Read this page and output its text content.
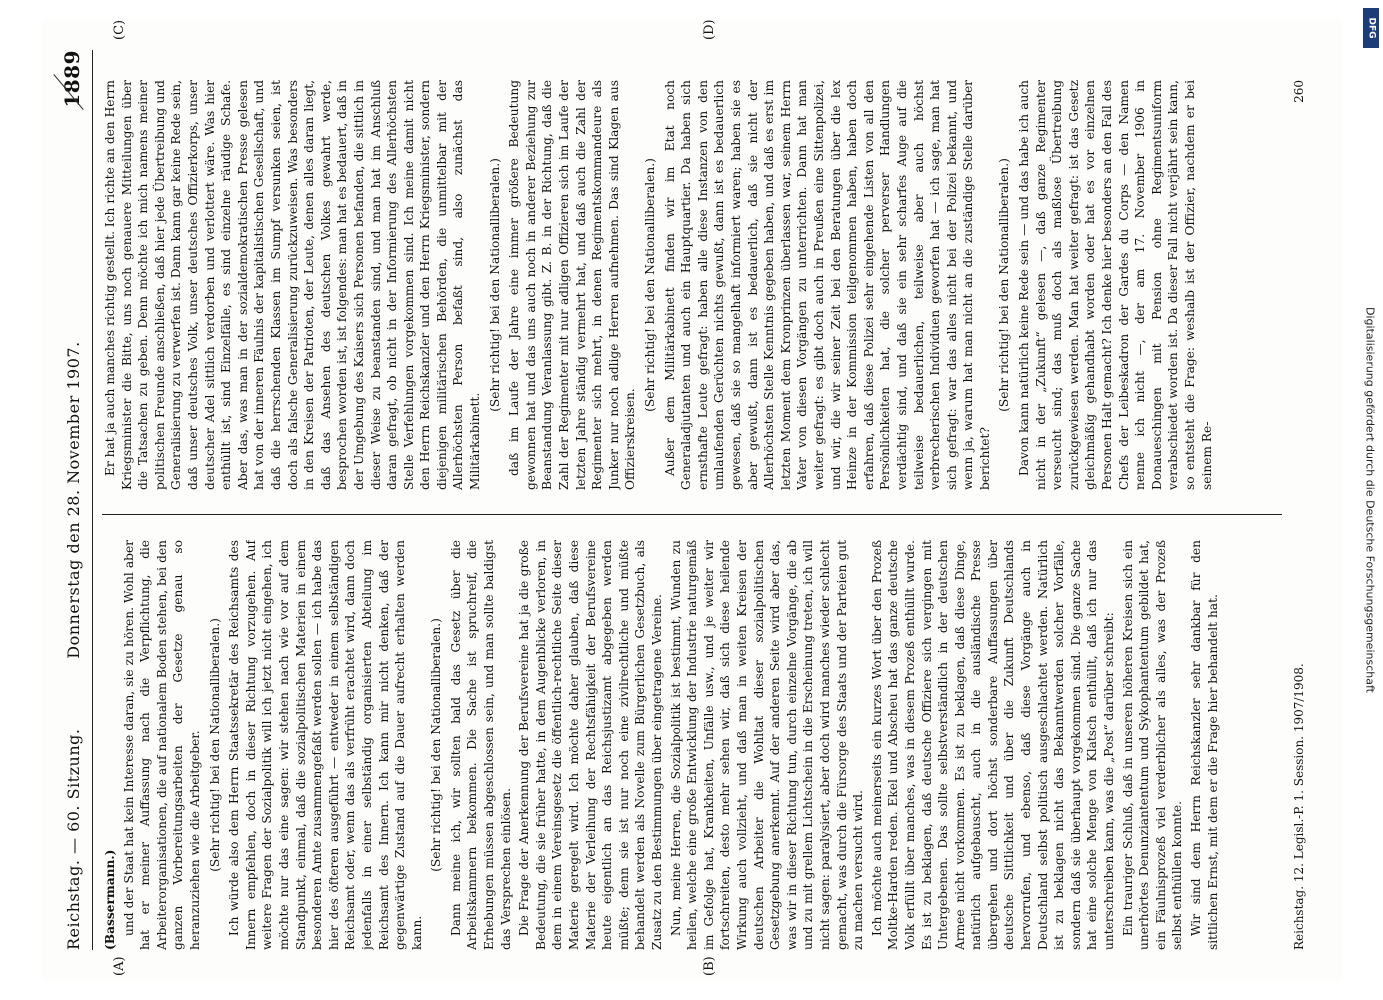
Reichstag. — 60. Sitzung.
Donnerstag den 28. November 1907.
1889
(A)	(B)
(C)	(D)

(Bassermann.) und der Staat hat kein Interesse daran, sie zu hören. Wohl aber hat er meiner Auffassung nach die Verpflichtung, die Arbeiterorganisationen, die auf nationalem Boden stehen, bei den ganzen Vorbereitungsarbeiten der Gesetze genau so heranzuziehen wie die Arbeitgeber. (Sehr richtig! bei den Nationalliberalen.) Ich würde also dem Herrn Staatssekretär des Reichsamts des Innern empfehlen, doch in dieser Richtung vorzugehen. Auf weitere Fragen der Sozialpolitik will ich jetzt nicht eingehen, ich möchte nur das eine sagen: wir stehen nach wie vor auf dem Standpunkt, einmal, daß die sozialpolitischen Materien in einem besonderen Amte zusammengefaßt werden sollen — ich habe das hier des öfteren ausgeführt — entweder in einem selbständigen Reichsamt oder, wenn das als verfrüht erachtet wird, dann doch jedenfalls in einer selbständig organisierten Abteilung im Reichsamt des Innern. Ich kann mir nicht denken, daß der gegenwärtige Zustand auf die Dauer aufrecht erhalten werden kann.

(Sehr richtig! bei den Nationalliberalen.) Dann meine ich, wir sollten bald das Gesetz über die Arbeitskammern bekommen. Die Sache ist spruchreif, die Erhebungen müssen abgeschlossen sein, und man sollte baldigst das Versprechen einlösen. Die Frage der Anerkennung der Berufsvereine hat ja die große Bedeutung, die sie früher hatte, in dem Augenblicke verloren, in dem in einem Vereinsgesetz die öffentlich-rechtliche Seite dieser Materie geregelt wird. Ich möchte daher glauben, daß diese Materie der Verleihung der Rechtsfähigkeit der Berufsvereine heute eigentlich an das Reichsjustizamt abgegeben werden müßte; denn sie ist nur noch eine zivilrechtliche und müßte behandelt werden als Novelle zum Bürgerlichen Gesetzbuch, als Zusatz zu den Bestimmungen über eingetragene Vereine. Nun, meine Herren, die Sozialpolitik ist bestimmt, Wunden zu heilen, welche eine große Entwicklung der Industrie naturgemäß im Gefolge hat, Krankheiten, Unfälle usw., und je weiter wir fortschreiten, desto mehr sehen wir, daß sich diese heilende Wirkung auch vollzieht, und daß man in weiten Kreisen der deutschen Arbeiter die Wohltat dieser sozialpolitischen Gesetzgebung anerkennt. Auf der anderen Seite wird aber das, was wir in dieser Richtung tun, durch einzelne Vorgänge, die ab und zu mit grellem Lichtschein in die Erscheinung treten, ich will nicht sagen: paralysiert, aber doch wird manches wieder schlecht gemacht, was durch die Fürsorge des Staats und der Parteien gut zu machen versucht wird. Ich möchte auch meinerseits ein kurzes Wort über den Prozeß Moltke-Harden reden. Ekel und Abscheu hat das ganze deutsche Volk erfüllt über manches, was in diesem Prozeß enthüllt wurde. Es ist zu beklagen, daß deutsche Offiziere sich vergingen mit Untergebenen. Das sollte selbstverständlich in der deutschen Armee nicht vorkommen. Es ist zu beklagen, daß diese Dinge, natürlich aufgebauscht, auch in die ausländische Presse übergehen und dort höchst sonderbare Auffassungen über deutsche Sittlichkeit und über die Zukunft Deutschlands hervorrufen, und ebenso, daß diese Vorgänge auch in Deutschland selbst politisch ausgeschlachtet werden. Natürlich ist zu beklagen nicht das Bekanntwerden solcher Vorfälle, sondern daß sie überhaupt vorgekommen sind. Die ganze Sache hat eine solche Menge von Klatsch enthüllt, daß ich nur das unterschreiben kann, was die „Post“ darüber schreibt: Ein trauriger Schluß, daß in unseren höheren Kreisen sich ein unerhörtes Denunziantentum und Sykophantentum gebildet hat, ein Fäulnisprozeß viel verderblicher als alles, was der Prozeß selbst enthüllen konnte. Wir sind dem Herrn Reichskanzler sehr dankbar für den sittlichen Ernst, mit dem er die Frage hier behandelt hat.

Er hat ja auch manches richtig gestellt. Ich richte an den Herrn Kriegsminister die Bitte, uns noch genauere Mitteilungen über die Tatsachen zu geben. Denn möchte ich mich namens meiner politischen Freunde anschließen, daß hier jede Übertreibung und Generalisierung zu verwerfen ist. Dann kann gar keine Rede sein, daß unser deutsches Volk, unser deutsches Offizierkorps, unser deutscher Adel sittlich verdorben und verlottert wäre. Was hier enthüllt ist, sind Einzelfälle, es sind einzelne räudige Schafe. Aber das, was man in der sozialdemokratischen Presse gelesen hat von der inneren Fäulnis der kapitalistischen Gesellschaft, und daß die herrschenden Klassen im Sumpf versunken seien, ist doch als falsche Generalisierung zurückzuweisen. Was besonders in den Kreisen der Patrioten, der Leute, denen alles daran liegt, daß das Ansehen des deutschen Volkes gewahrt werde, besprochen worden ist, ist folgendes: man hat es bedauert, daß in der Umgebung des Kaisers sich Personen befanden, die sittlich in dieser Weise zu beanstanden sind, und man hat im Anschluß daran gefragt, ob nicht in der Informierung des Allerhöchsten Stelle Verfehlungen vorgekommen sind. Ich meine damit nicht den Herrn Reichskanzler und den Herrn Kriegsminister, sondern diejenigen militärischen Behörden, die unmittelbar mit der Allerhöchsten Person befaßt sind, also zunächst das Militärkabinett.

(Sehr richtig! bei den Nationalliberalen.) daß im Laufe der Jahre eine immer größere Bedeutung gewonnen hat und das uns auch noch in anderer Beziehung zur Beanstandung Veranlassung gibt. Z. B. in der Richtung, daß die Zahl der Regimenter mit nur adligen Offizieren sich im Laufe der letzten Jahre ständig vermehrt hat, und daß auch die Zahl der Regimenter sich mehrt, in denen Regimentskommandeure als Junker nur noch adlige Herren aufnehmen. Das sind Klagen aus Offizierskreisen.

(Sehr richtig! bei den Nationalliberalen.) Außer dem Militärkabinett finden wir im Etat noch Generaladjutanten und auch ein Hauptquartier. Da haben sich ernsthafte Leute gefragt: haben alle diese Instanzen von den umlaufenden Gerüchten nichts gewußt, dann ist es bedauerlich gewesen, daß sie so mangelhaft informiert waren; haben sie es aber gewußt, dann ist es bedauerlich, daß sie nicht der Allerhöchsten Stelle Kenntnis gegeben haben, und daß es erst im letzten Moment dem Kronprinzen überlassen war, seinem Herrn Vater von diesen Vorgängen zu unterrichten. Dann hat man weiter gefragt: es gibt doch auch in Preußen eine Sittenpolizei, und wir, die wir seiner Zeit bei den Beratungen über die lex Heinze in der Kommission teilgenommen haben, haben doch erfahren, daß diese Polizei sehr eingehende Listen von all den Persönlichkeiten hat, die solcher perverser Handlungen verdächtig sind, und daß sie ein sehr scharfes Auge auf die teilweise bedauerlichen, teilweise aber auch höchst verbrecherischen Individuen geworfen hat — ich sage, man hat sich gefragt: war das alles nicht bei der Polizei bekannt, und wenn ja, warum hat man nicht an die zuständige Stelle darüber berichtet?

(Sehr richtig! bei den Nationalliberalen.) Davon kann natürlich keine Rede sein — und das habe ich auch nicht in der „Zukunft“ gelesen —, daß ganze Regimenter verseucht sind; das muß doch als maßlose Übertreibung zurückgewiesen werden. Man hat weiter gefragt: ist das Gesetz gleichmäßig gehandhabt worden oder hat es vor einzelnen Personen Halt gemacht? Ich denke hier besonders an den Fall des Chefs der Leibeskadron der Gardes du Corps — den Namen nenne ich nicht —, der am 17. November 1906 in Donaueschingen mit Pension ohne Regimentsuniform verabschiedet worden ist. Da dieser Fall nicht verjährt sein kann, so entsteht die Frage: weshalb ist der Offizier, nachdem er bei seinem Re-

Reichstag. 12. Legisl.-P. 1. Session. 1907/1908.
260
Digitalisierung gefördert durch die Deutsche Forschungsgemeinschaft
DFG
